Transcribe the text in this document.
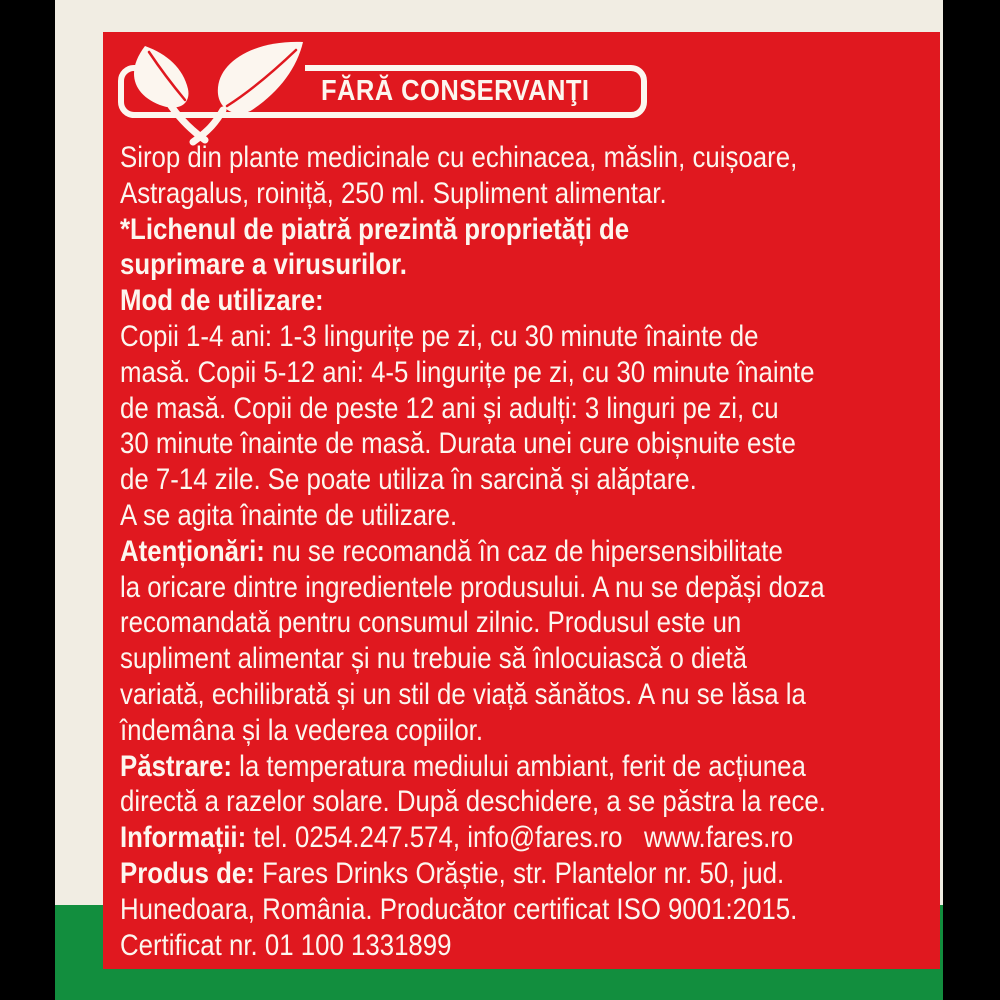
FĂRĂ CONSERVANŢI
Sirop din plante medicinale cu echinacea, măslin, cuișoare,
Astragalus, roiniță, 250 ml. Supliment alimentar.
*Lichenul de piatră prezintă proprietăți de
suprimare a virusurilor.
Mod de utilizare:
Copii 1-4 ani: 1-3 lingurițe pe zi, cu 30 minute înainte de
masă. Copii 5-12 ani: 4-5 lingurițe pe zi, cu 30 minute înainte
de masă. Copii de peste 12 ani și adulți: 3 linguri pe zi, cu
30 minute înainte de masă. Durata unei cure obișnuite este
de 7-14 zile. Se poate utiliza în sarcină și alăptare.
A se agita înainte de utilizare.
Atenționări: nu se recomandă în caz de hipersensibilitate
la oricare dintre ingredientele produsului. A nu se depăși doza
recomandată pentru consumul zilnic. Produsul este un
supliment alimentar și nu trebuie să înlocuiască o dietă
variată, echilibrată și un stil de viață sănătos. A nu se lăsa la
îndemâna și la vederea copiilor.
Păstrare: la temperatura mediului ambiant, ferit de acțiunea
directă a razelor solare. După deschidere, a se păstra la rece.
Informații: tel. 0254.247.574, info@fares.ro   www.fares.ro
Produs de: Fares Drinks Orăștie, str. Plantelor nr. 50, jud.
Hunedoara, România. Producător certificat ISO 9001:2015.
Certificat nr. 01 100 1331899
